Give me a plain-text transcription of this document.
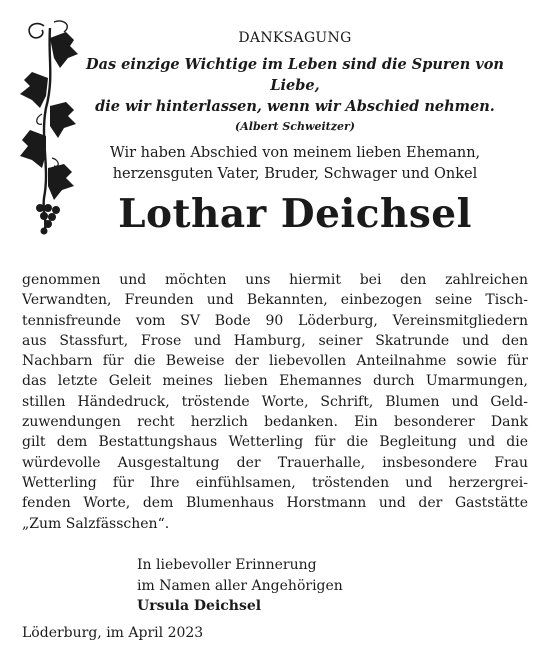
DANKSAGUNG

Das einzige Wichtige im Leben sind die Spuren von Liebe,
die wir hinterlassen, wenn wir Abschied nehmen.

(Albert Schweitzer)

Wir haben Abschied von meinem lieben Ehemann,
herzensguten Vater, Bruder, Schwager und Onkel

Lothar Deichsel
genommen und möchten uns hiermit bei den zahlreichen
Verwandten, Freunden und Bekannten, einbezogen seine Tisch-
tennisfreunde vom SV Bode 90 Löderburg, Vereinsmitgliedern
aus Stassfurt, Frose und Hamburg, seiner Skatrunde und den
Nachbarn für die Beweise der liebevollen Anteilnahme sowie für
das letzte Geleit meines lieben Ehemannes durch Umarmungen,
stillen Händedruck, tröstende Worte, Schrift, Blumen und Geld-
zuwendungen recht herzlich bedanken. Ein besonderer Dank
gilt dem Bestattungshaus Wetterling für die Begleitung und die
würdevolle Ausgestaltung der Trauerhalle, insbesondere Frau
Wetterling für Ihre einfühlsamen, tröstenden und herzergrei-
fenden Worte, dem Blumenhaus Horstmann und der Gaststätte
„Zum Salzfässchen“.
In liebevoller Erinnerung
im Namen aller Angehörigen
Ursula Deichsel
Löderburg, im April 2023
